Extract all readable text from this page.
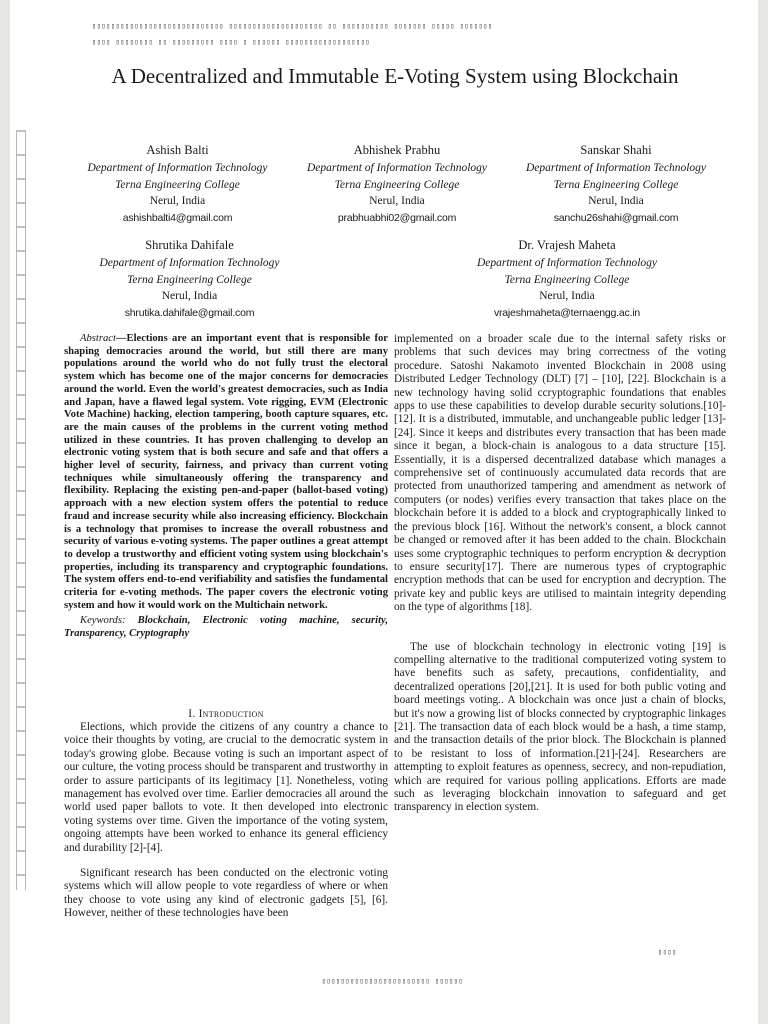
▯▯▯▯▯▯▯▯▯▯▯▯▯▯▯▯▯▯▯▯▯▯▯▯▯▯▯▯ ▯▯▯▯▯▯▯▯▯▯▯▯▯▯▯▯▯▯▯▯ ▯▯ ▯▯▯▯▯▯▯▯▯▯ ▯▯▯▯▯▯▯ ▯▯▯▯▯ ▯▯▯▯▯▯▯
▯▯▯▯ ▯▯▯▯▯▯▯▯ ▯▯ ▯▯▯▯▯▯▯▯▯ ▯▯▯▯ ▯ ▯▯▯▯▯▯ ▯▯▯▯▯▯▯▯▯▯▯▯▯▯▯▯▯▯
A Decentralized and Immutable E-Voting System using Blockchain
Ashish Balti
Department of Information Technology
Terna Engineering College
Nerul, India
ashishbalti4@gmail.com
Abhishek Prabhu
Department of Information Technology
Terna Engineering College
Nerul, India
prabhuabhi02@gmail.com
Sanskar Shahi
Department of Information Technology
Terna Engineering College
Nerul, India
sanchu26shahi@gmail.com
Shrutika Dahifale
Department of Information Technology
Terna Engineering College
Nerul, India
shrutika.dahifale@gmail.com
Dr. Vrajesh Maheta
Department of Information Technology
Terna Engineering College
Nerul, India
vrajeshmaheta@ternaengg.ac.in

Abstract—Elections are an important event that is responsible for shaping democracies around the world, but still there are many populations around the world who do not fully trust the electoral system which has become one of the major concerns for democracies around the world. Even the world's greatest democracies, such as India and Japan, have a flawed legal system. Vote rigging, EVM (Electronic Vote Machine) hacking, election tampering, booth capture squares, etc. are the main causes of the problems in the current voting method utilized in these countries. It has proven challenging to develop an electronic voting system that is both secure and safe and that offers a higher level of security, fairness, and privacy than current voting techniques while simultaneously offering the transparency and flexibility. Replacing the existing pen-and-paper (ballot-based voting) approach with a new election system offers the potential to reduce fraud and increase security while also increasing efficiency. Blockchain is a technology that promises to increase the overall robustness and security of various e-voting systems. The paper outlines a great attempt to develop a trustworthy and efficient voting system using blockchain's properties, including its transparency and cryptographic foundations. The system offers end-to-end verifiability and satisfies the fundamental criteria for e-voting methods. The paper covers the electronic voting system and how it would work on the Multichain network.

Keywords: Blockchain, Electronic voting machine, security, Transparency, Cryptography

I. Introduction

Elections, which provide the citizens of any country a chance to voice their thoughts by voting, are crucial to the democratic system in today's growing globe. Because voting is such an important aspect of our culture, the voting process should be transparent and trustworthy in order to assure participants of its legitimacy [1]. Nonetheless, voting management has evolved over time. Earlier democracies all around the world used paper ballots to vote. It then developed into electronic voting systems over time. Given the importance of the voting system, ongoing attempts have been worked to enhance its general efficiency and durability [2]-[4].

Significant research has been conducted on the electronic voting systems which will allow people to vote regardless of where or when they choose to vote using any kind of electronic gadgets [5], [6]. However, neither of these technologies have been

implemented on a broader scale due to the internal safety risks or problems that such devices may bring correctness of the voting procedure. Satoshi Nakamoto invented Blockchain in 2008 using Distributed Ledger Technology (DLT) [7] – [10], [22]. Blockchain is a new technology having solid ccryptographic foundations that enables apps to use these capabilities to develop durable security solutions.[10]-[12]. It is a distributed, immutable, and unchangeable public ledger [13]-[24]. Since it keeps and distributes every transaction that has been made since it began, a block-chain is analogous to a data structure [15]. Essentially, it is a dispersed decentralized database which manages a comprehensive set of continuously accumulated data records that are protected from unauthorized tampering and amendment as network of computers (or nodes) verifies every transaction that takes place on the blockchain before it is added to a block and cryptographically linked to the previous block [16]. Without the network's consent, a block cannot be changed or removed after it has been added to the chain. Blockchain uses some cryptographic techniques to perform encryption & decryption to ensure security[17]. There are numerous types of cryptographic encryption methods that can be used for encryption and decryption. The private key and public keys are utilised to maintain integrity depending on the type of algorithms [18].

The use of blockchain technology in electronic voting [19] is compelling alternative to the traditional computerized voting system to have benefits such as safety, precautions, confidentiality, and decentralized operations [20],[21]. It is used for both public voting and board meetings voting.. A blockchain was once just a chain of blocks, but it's now a growing list of blocks connected by cryptographic linkages [21]. The transaction data of each block would be a hash, a time stamp, and the transaction details of the prior block. The Blockchain is planned to be resistant to loss of information.[21]-[24]. Researchers are attempting to exploit features as openness, secrecy, and non-repudiation, which are required for various polling applications. Efforts are made such as leveraging blockchain innovation to safeguard and get transparency in election system.

▯▯▯▯
▯▯▯▯▯▯▯▯▯▯▯▯▯▯▯▯▯▯▯▯▯▯▯ ▯▯▯▯▯▯
